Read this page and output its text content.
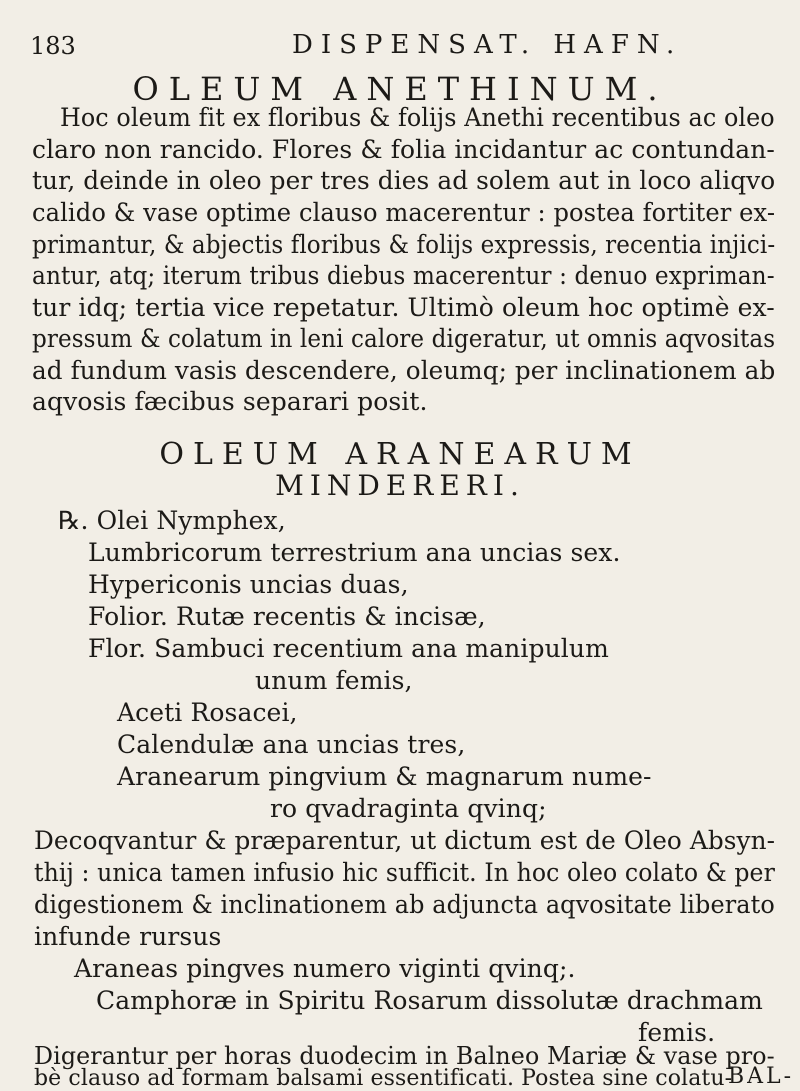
183	DISPENSAT. HAFN.
OLEUM ANETHINUM.
Hoc oleum fit ex floribus & folijs Anethi recentibus ac oleo
claro non rancido. Flores & folia incidantur ac contundan-
tur, deinde in oleo per tres dies ad solem aut in loco aliqvo
calido & vase optime clauso macerentur : postea fortiter ex-
primantur, & abjectis floribus & folijs expressis, recentia injici-
antur, atq; iterum tribus diebus macerentur : denuo expriman-
tur idq; tertia vice repetatur. Ultimò oleum hoc optimè ex-
pressum & colatum in leni calore digeratur, ut omnis aqvositas
ad fundum vasis descendere, oleumq; per inclinationem ab
aqvosis fæcibus separari posit.
OLEUM ARANEARUM
MINDERERI.
℞. Olei Nymphex,
Lumbricorum terrestrium ana uncias sex.
Hypericonis uncias duas,
Folior. Rutæ recentis & incisæ,
Flor. Sambuci recentium ana manipulum
unum femis,
Aceti Rosacei,
Calendulæ ana uncias tres,
Aranearum pingvium & magnarum nume-
ro qvadraginta qvinq;
Decoqvantur & præparentur, ut dictum est de Oleo Absyn-
thij : unica tamen infusio hic sufficit. In hoc oleo colato & per
digestionem & inclinationem ab adjuncta aqvositate liberato
infunde rursus
Araneas pingves numero viginti qvinq;.
Camphoræ in Spiritu Rosarum dissolutæ drachmam
femis.
Digerantur per horas duodecim in Balneo Mariæ & vase pro-
bè clauso ad formam balsami essentificati. Postea sine colatu-
BAL-
